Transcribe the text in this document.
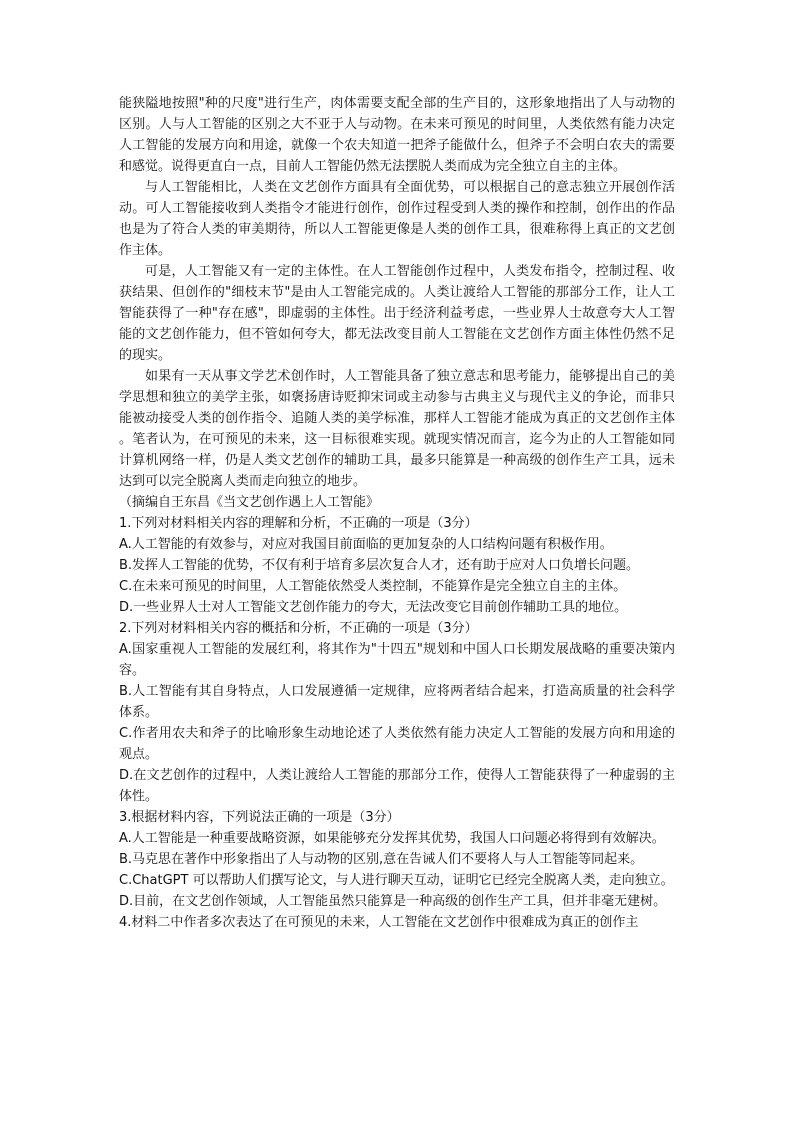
能狭隘地按照"种的尺度"进行生产，肉体需要支配全部的生产目的，这形象地指出了人与动物的区别。人与人工智能的区别之大不亚于人与动物。在未来可预见的时间里，人类依然有能力决定人工智能的发展方向和用途，就像一个农夫知道一把斧子能做什么，但斧子不会明白农夫的需要和感觉。说得更直白一点，目前人工智能仍然无法摆脱人类而成为完全独立自主的主体。

与人工智能相比，人类在文艺创作方面具有全面优势，可以根据自己的意志独立开展创作活动。可人工智能接收到人类指令才能进行创作，创作过程受到人类的操作和控制，创作出的作品也是为了符合人类的审美期待，所以人工智能更像是人类的创作工具，很难称得上真正的文艺创作主体。

可是，人工智能又有一定的主体性。在人工智能创作过程中，人类发布指令，控制过程、收获结果、但创作的"细枝末节"是由人工智能完成的。人类让渡给人工智能的那部分工作，让人工智能获得了一种"存在感"，即虚弱的主体性。出于经济利益考虑，一些业界人士故意夸大人工智能的文艺创作能力，但不管如何夸大，都无法改变目前人工智能在文艺创作方面主体性仍然不足的现实。

如果有一天从事文学艺术创作时，人工智能具备了独立意志和思考能力，能够提出自己的美学思想和独立的美学主张，如褒扬唐诗贬抑宋词或主动参与古典主义与现代主义的争论，而非只能被动接受人类的创作指令、追随人类的美学标准，那样人工智能才能成为真正的文艺创作主体。笔者认为，在可预见的未来，这一目标很难实现。就现实情况而言，迄今为止的人工智能如同计算机网络一样，仍是人类文艺创作的辅助工具，最多只能算是一种高级的创作生产工具，远未达到可以完全脱离人类而走向独立的地步。

（摘编自王东昌《当文艺创作遇上人工智能》

1.下列对材料相关内容的理解和分析，不正确的一项是（3分）

A.人工智能的有效参与，对应对我国目前面临的更加复杂的人口结构问题有积极作用。

B.发挥人工智能的优势，不仅有利于培育多层次复合人才，还有助于应对人口负增长问题。

C.在未来可预见的时间里，人工智能依然受人类控制，不能算作是完全独立自主的主体。

D.一些业界人士对人工智能文艺创作能力的夸大，无法改变它目前创作辅助工具的地位。

2.下列对材料相关内容的概括和分析，不正确的一项是（3分）

A.国家重视人工智能的发展红利，将其作为"十四五"规划和中国人口长期发展战略的重要决策内容。

B.人工智能有其自身特点，人口发展遵循一定规律，应将两者结合起来，打造高质量的社会科学体系。

C.作者用农夫和斧子的比喻形象生动地论述了人类依然有能力决定人工智能的发展方向和用途的观点。

D.在文艺创作的过程中，人类让渡给人工智能的那部分工作，使得人工智能获得了一种虚弱的主体性。

3.根据材料内容，下列说法正确的一项是（3分）

A.人工智能是一种重要战略资源，如果能够充分发挥其优势，我国人口问题必将得到有效解决。

B.马克思在著作中形象指出了人与动物的区别,意在告诫人们不要将人与人工智能等同起来。

C.ChatGPT 可以帮助人们撰写论文，与人进行聊天互动，证明它已经完全脱离人类，走向独立。

D.目前，在文艺创作领域，人工智能虽然只能算是一种高级的创作生产工具，但并非毫无建树。

4.材料二中作者多次表达了在可预见的未来，人工智能在文艺创作中很难成为真正的创作主
